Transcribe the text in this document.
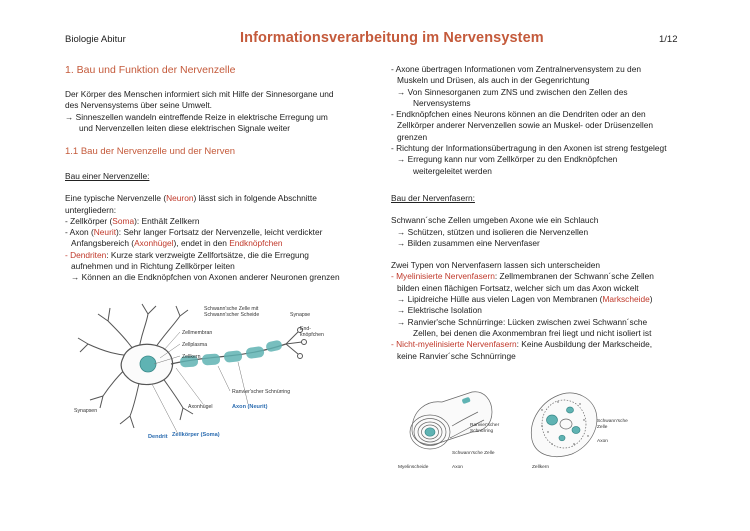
Biologie Abitur	Informationsverarbeitung im Nervensystem	1/12
1. Bau und Funktion der Nervenzelle

Der Körper des Menschen informiert sich mit Hilfe der Sinnesorgane und

des Nervensystems über seine Umwelt.

→ Sinneszellen wandeln eintreffende Reize in elektrische Erregung um

und Nervenzellen leiten diese elektrischen Signale weiter

1.1 Bau der Nervenzelle und der Nerven

Bau einer Nervenzelle:

Eine typische Nervenzelle (Neuron) lässt sich in folgende Abschnitte

untergliedern:

- Zellkörper (Soma): Enthält Zellkern

- Axon (Neurit): Sehr langer Fortsatz der Nervenzelle, leicht verdickter

Anfangsbereich (Axonhügel), endet in den Endknöpfchen

- Dendriten: Kurze stark verzweigte Zellfortsätze, die die Erregung

aufnehmen und in Richtung Zellkörper leiten

→ Können an die Endknöpfchen von Axonen anderer Neuronen grenzen

Schwann'sche Zelle mit
Schwann'scher Scheide	Synapse
End-
knöpfchen
Zellmembran
Zellplasma
Zellkern
Ranvier'scher Schnürring
Axonhügel
Synapsen
Axon (Neurit)
Dendrit Zellkörper (Soma)

- Axone übertragen Informationen vom Zentralnervensystem zu den

Muskeln und Drüsen, als auch in der Gegenrichtung

→ Von Sinnesorganen zum ZNS und zwischen den Zellen des

Nervensystems

- Endknöpfchen eines Neurons können an die Dendriten oder an den

Zellkörper anderer Nervenzellen sowie an Muskel- oder Drüsenzellen

grenzen

- Richtung der Informationsübertragung in den Axonen ist streng festgelegt

→ Erregung kann nur vom Zellkörper zu den Endknöpfchen

weitergeleitet werden

Bau der Nervenfasern:

Schwann´sche Zellen umgeben Axone wie ein Schlauch

→ Schützen, stützen und isolieren die Nervenzellen

→ Bilden zusammen eine Nervenfaser

Zwei Typen von Nervenfasern lassen sich unterscheiden

- Myelinisierte Nervenfasern: Zellmembranen der Schwann´sche Zellen

bilden einen flächigen Fortsatz, welcher sich um das Axon wickelt

→ Lipidreiche Hülle aus vielen Lagen von Membranen (Markscheide)

→ Elektrische Isolation

→ Ranvier'sche Schnürringe: Lücken zwischen zwei Schwann´sche

Zellen, bei denen die Axonmembran frei liegt und nicht isoliert ist

- Nicht-myelinisierte Nervenfasern: Keine Ausbildung der Markscheide,

keine Ranvier´sche Schnürringe

Ranvier'scher
Schnürring
Schwann'sche Zelle
Myelinscheide	Axon
Schwann'sche
Zelle
Axon
Zellkern
